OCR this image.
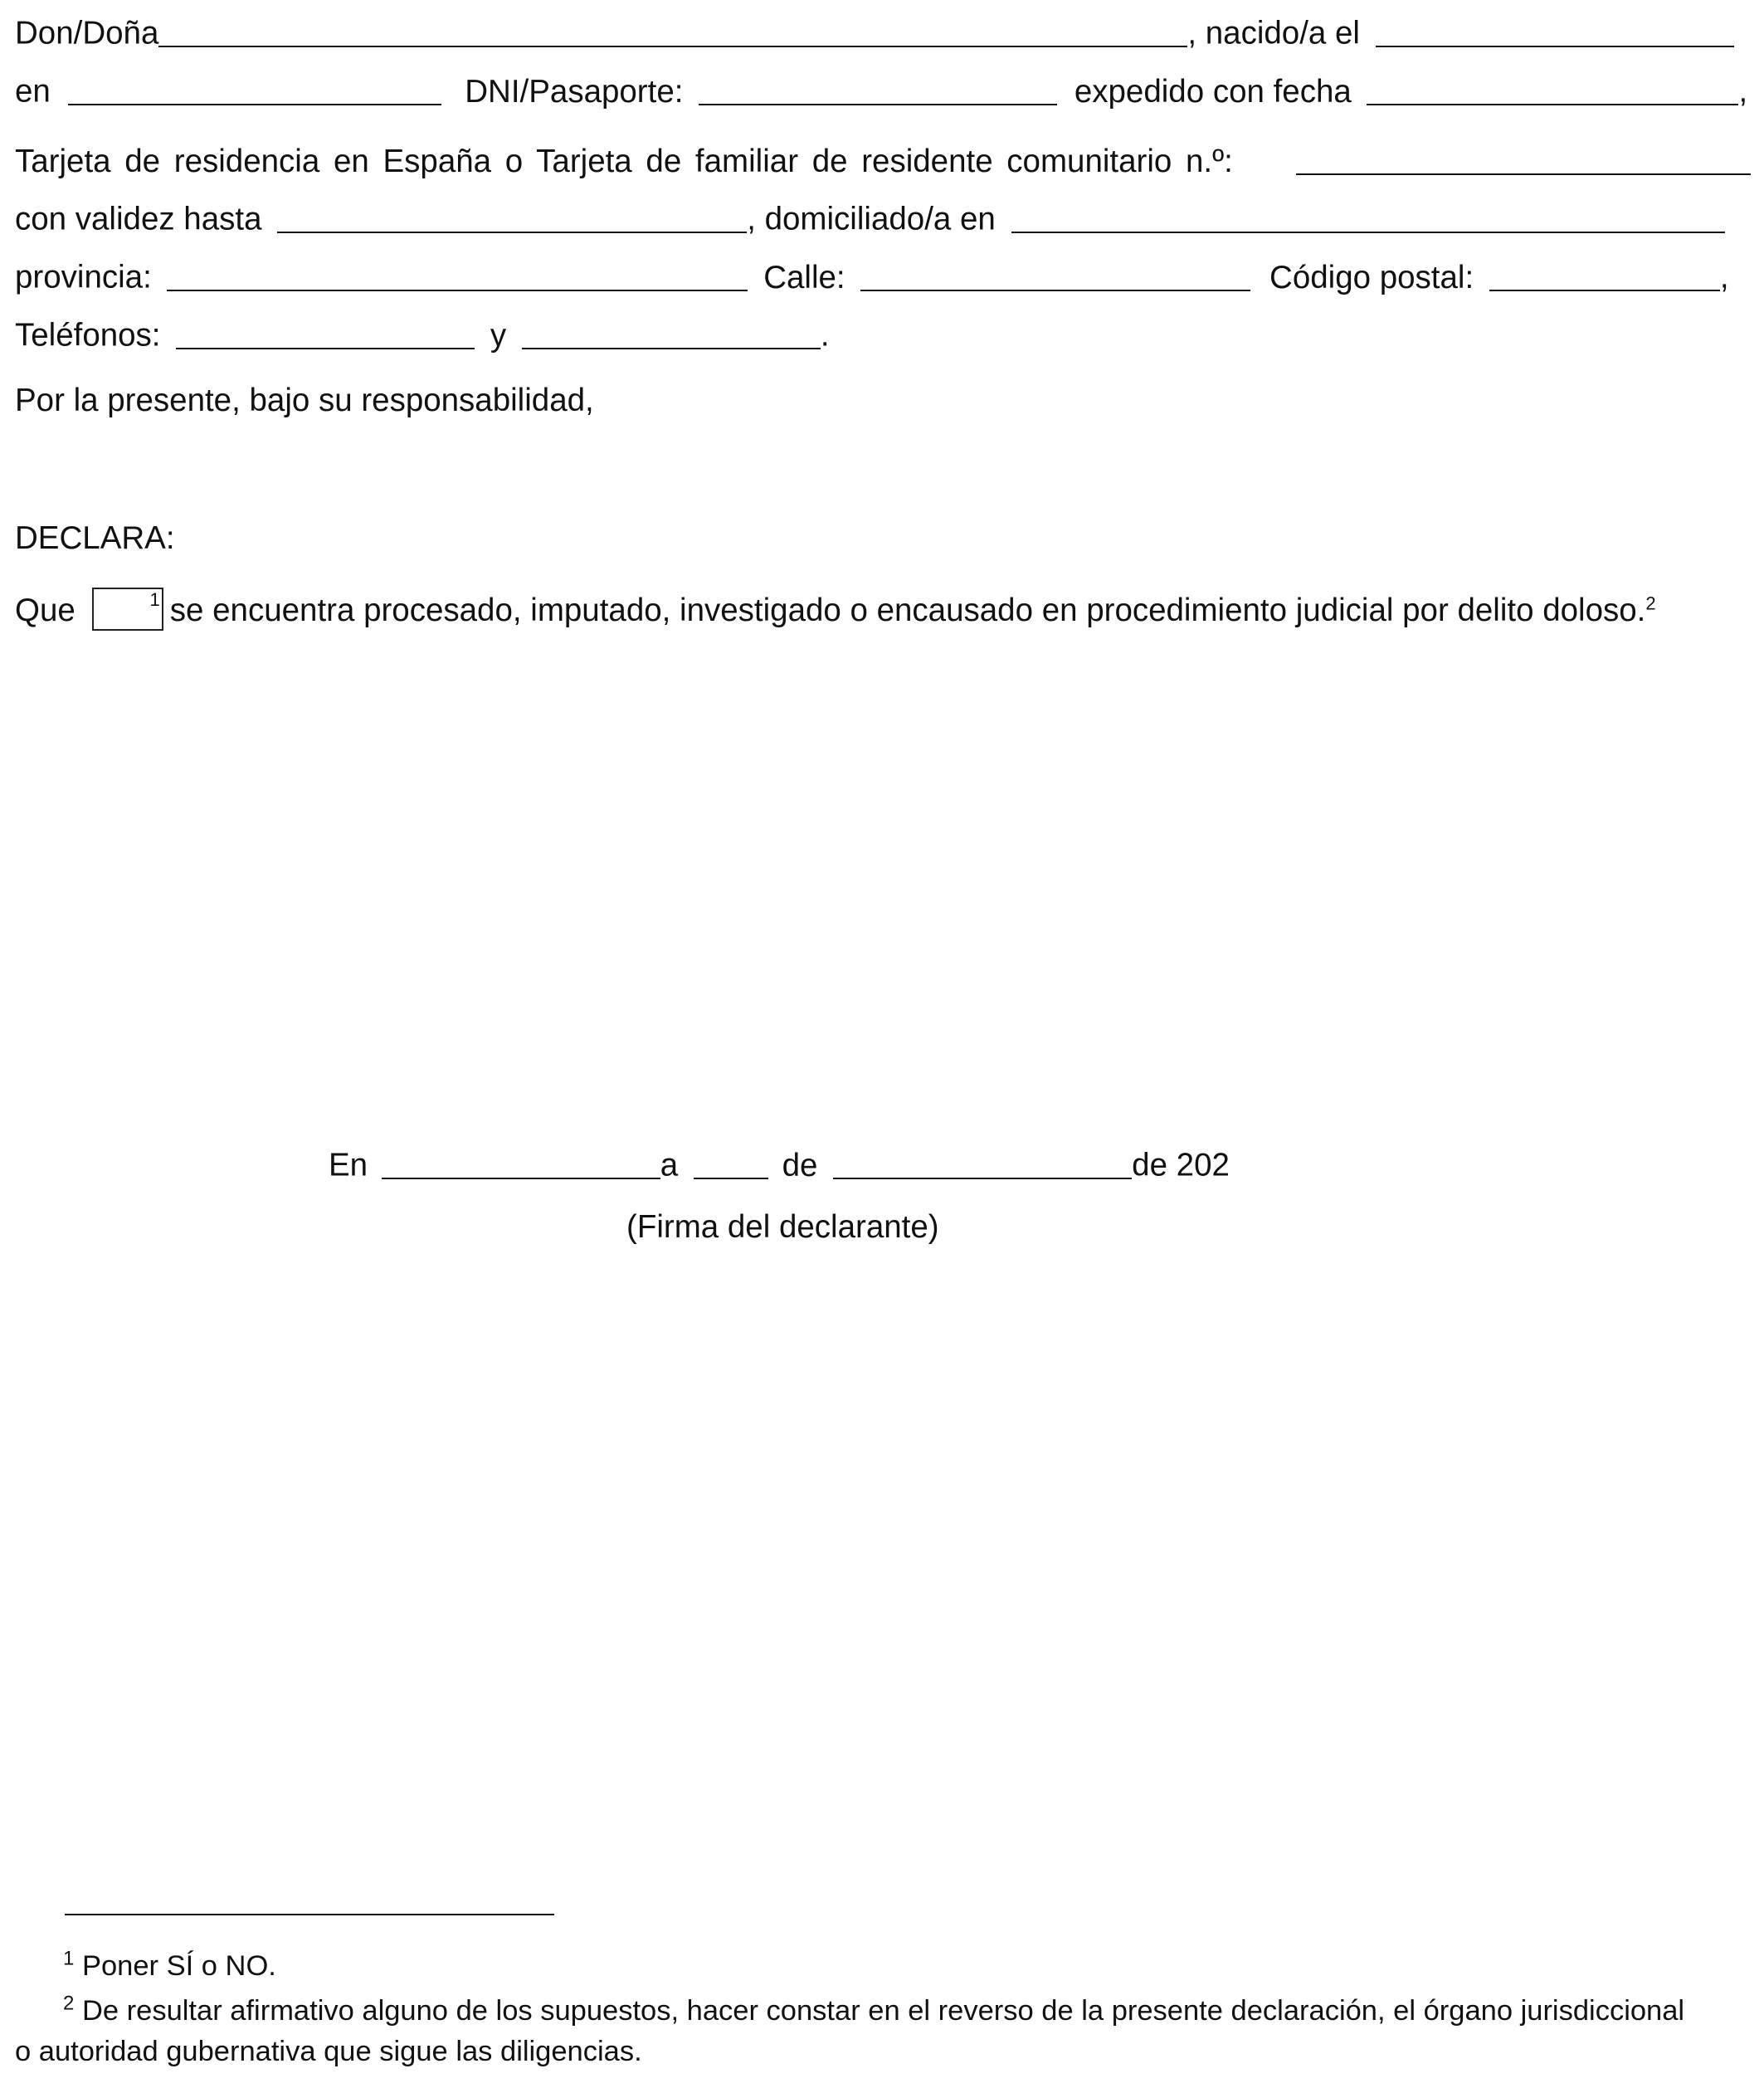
Don/Doña	, nacido/a el
en	DNI/Pasaporte:	expedido con fecha	,
Tarjeta de residencia en España o Tarjeta de familiar de residente comunitario n.º:
con validez hasta	, domiciliado/a en
provincia:	Calle:	Código postal:	,
Teléfonos:	y	.
Por la presente, bajo su responsabilidad,
DECLARA:
Que	1 se encuentra procesado, imputado, investigado o encausado en procedimiento judicial por delito doloso.$^2$
En	a	de	de 202
(Firma del declarante)
$^1$ Poner SÍ o NO.
$^2$ De resultar afirmativo alguno de los supuestos, hacer constar en el reverso de la presente declaración, el órgano jurisdiccional
o autoridad gubernativa que sigue las diligencias.
